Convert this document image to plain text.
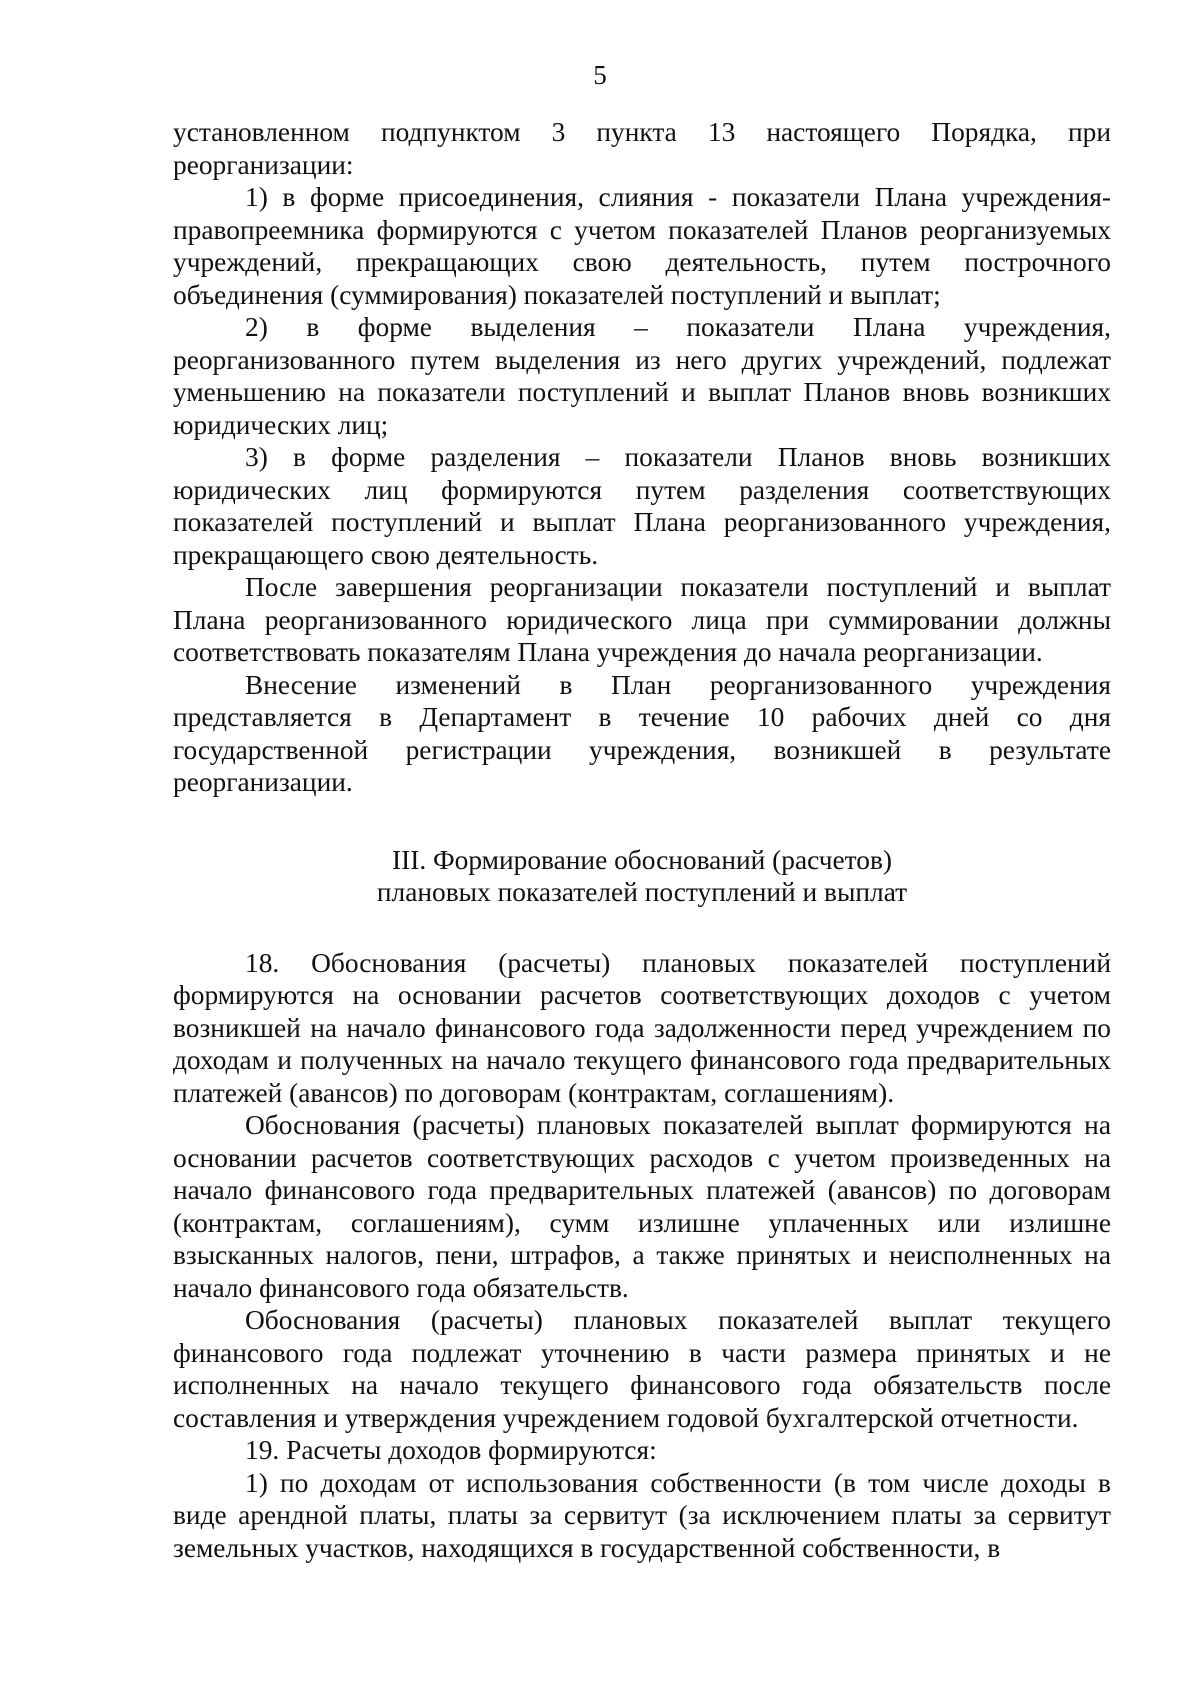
5

установленном подпунктом 3 пункта 13 настоящего Порядка, при реорганизации:

1) в форме присоединения, слияния - показатели Плана учреждения-правопреемника формируются с учетом показателей Планов реорганизуемых учреждений, прекращающих свою деятельность, путем построчного объединения (суммирования) показателей поступлений и выплат;

2) в форме выделения – показатели Плана учреждения, реорганизованного путем выделения из него других учреждений, подлежат уменьшению на показатели поступлений и выплат Планов вновь возникших юридических лиц;

3) в форме разделения – показатели Планов вновь возникших юридических лиц формируются путем разделения соответствующих показателей поступлений и выплат Плана реорганизованного учреждения, прекращающего свою деятельность.

После завершения реорганизации показатели поступлений и выплат Плана реорганизованного юридического лица при суммировании должны соответствовать показателям Плана учреждения до начала реорганизации.

Внесение изменений в План реорганизованного учреждения представляется в Департамент в течение 10 рабочих дней со дня государственной регистрации учреждения, возникшей в результате реорганизации.

III. Формирование обоснований (расчетов)
плановых показателей поступлений и выплат

18. Обоснования (расчеты) плановых показателей поступлений формируются на основании расчетов соответствующих доходов с учетом возникшей на начало финансового года задолженности перед учреждением по доходам и полученных на начало текущего финансового года предварительных платежей (авансов) по договорам (контрактам, соглашениям).

Обоснования (расчеты) плановых показателей выплат формируются на основании расчетов соответствующих расходов с учетом произведенных на начало финансового года предварительных платежей (авансов) по договорам (контрактам, соглашениям), сумм излишне уплаченных или излишне взысканных налогов, пени, штрафов, а также принятых и неисполненных на начало финансового года обязательств.

Обоснования (расчеты) плановых показателей выплат текущего финансового года подлежат уточнению в части размера принятых и не исполненных на начало текущего финансового года обязательств после составления и утверждения учреждением годовой бухгалтерской отчетности.

19. Расчеты доходов формируются:

1) по доходам от использования собственности (в том числе доходы в виде арендной платы, платы за сервитут (за исключением платы за сервитут земельных участков, находящихся в государственной собственности, в
